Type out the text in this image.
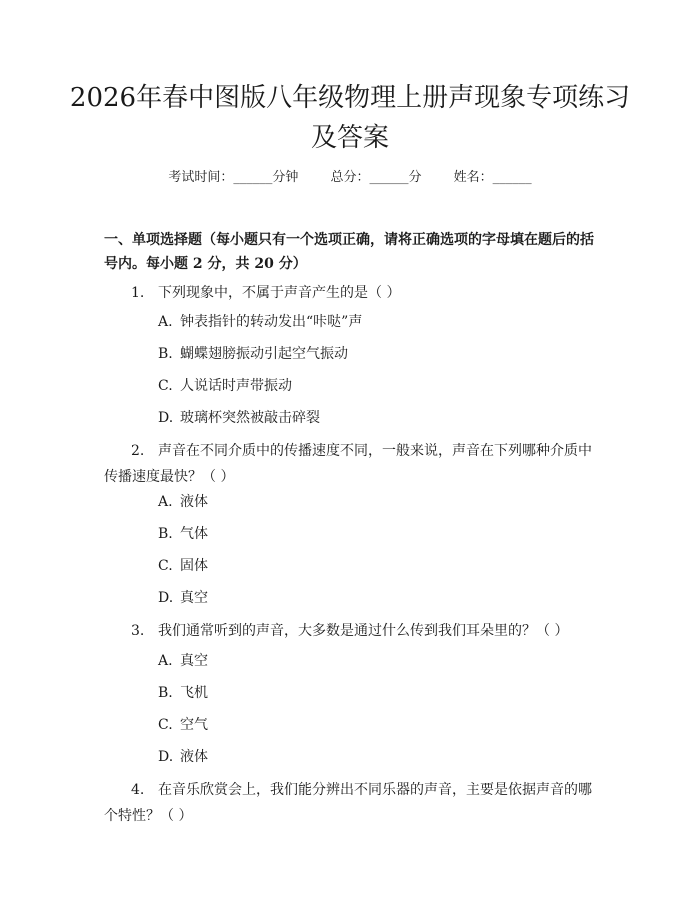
2026年春中图版八年级物理上册声现象专项练习及答案
考试时间：______分钟 总分：______分 姓名：______

一、单项选择题（每小题只有一个选项正确，请将正确选项的字母填在题后的括号内。每小题 2 分，共 20 分）

1. 下列现象中，不属于声音产生的是（ ）
A. 钟表指针的转动发出“咔哒”声
B. 蝴蝶翅膀振动引起空气振动
C. 人说话时声带振动
D. 玻璃杯突然被敲击碎裂
2. 声音在不同介质中的传播速度不同，一般来说，声音在下列哪种介质中传播速度最快？（ ）
A. 液体
B. 气体
C. 固体
D. 真空
3. 我们通常听到的声音，大多数是通过什么传到我们耳朵里的？（ ）
A. 真空
B. 飞机
C. 空气
D. 液体
4. 在音乐欣赏会上，我们能分辨出不同乐器的声音，主要是依据声音的哪个特性？（ ）
